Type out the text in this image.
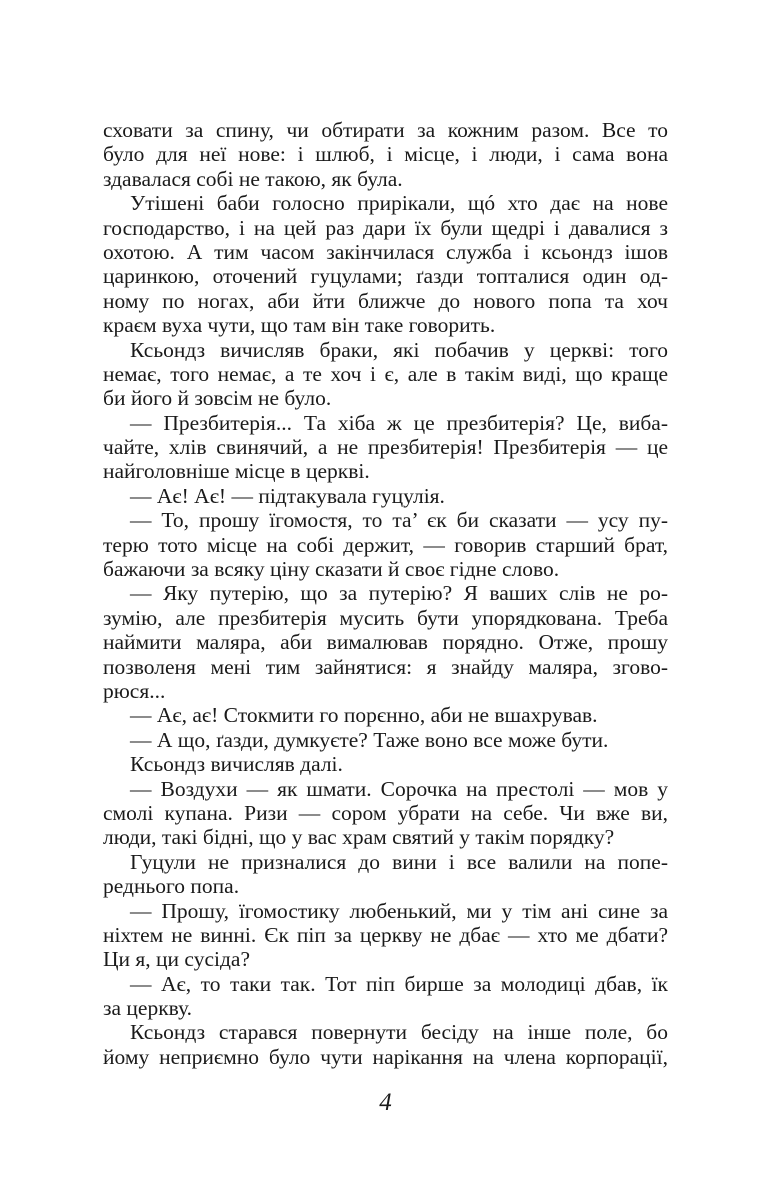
сховати за спину, чи обтирати за кожним разом. Все то
було для неї нове: і шлюб, і місце, і люди, і сама вона
здавалася собі не такою, як була.
Утішені баби голосно прирікали, щó хто дає на нове
господарство, і на цей раз дари їх були щедрі і давалися з
охотою. А тим часом закінчилася служба і ксьондз ішов
царинкою, оточений гуцулами; ґазди топталися один од-
ному по ногах, аби йти ближче до нового попа та хоч
краєм вуха чути, що там він таке говорить.
Ксьондз вичисляв браки, які побачив у церкві: того
немає, того немає, а те хоч і є, але в такім виді, що краще
би його й зовсім не було.
— Презбитерія... Та хіба ж це презбитерія? Це, виба-
чайте, хлів свинячий, а не презбитерія! Презбитерія — це
найголовніше місце в церкві.
— Ає! Ає! — підтакувала гуцулія.
— То, прошу їгомостя, то та’ єк би сказати — усу пу-
терю тото місце на собі держит, — говорив старший брат,
бажаючи за всяку ціну сказати й своє гідне слово.
— Яку путерію, що за путерію? Я ваших слів не ро-
зумію, але презбитерія мусить бути упорядкована. Треба
наймити маляра, аби вималював порядно. Отже, прошу
позволеня мені тим зайнятися: я знайду маляра, згово-
рюся...
— Ає, ає! Стокмити го порєнно, аби не вшахрував.
— А що, ґазди, думкуєте? Таже воно все може бути.
Ксьондз вичисляв далі.
— Воздухи — як шмати. Сорочка на престолі — мов у
смолі купана. Ризи — сором убрати на себе. Чи вже ви,
люди, такі бідні, що у вас храм святий у такім порядку?
Гуцули не призналися до вини і все валили на попе-
реднього попа.
— Прошу, їгомостику любенький, ми у тім ані сине за
ніхтем не винні. Єк піп за церкву не дбає — хто ме дбати?
Ци я, ци сусіда?
— Ає, то таки так. Тот піп бирше за молодиці дбав, їк
за церкву.
Ксьондз старався повернути бесіду на інше поле, бо
йому неприємно було чути нарікання на члена корпорації,
4
